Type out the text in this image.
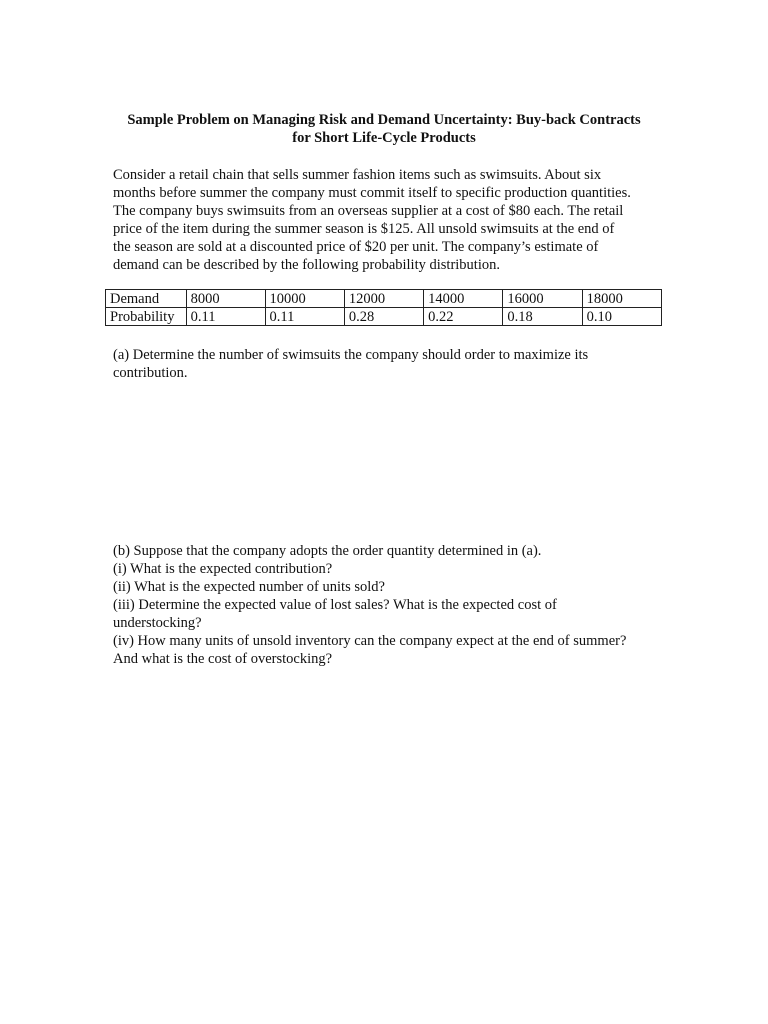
Sample Problem on Managing Risk and Demand Uncertainty: Buy-back Contracts
for Short Life-Cycle Products
Consider a retail chain that sells summer fashion items such as swimsuits. About six
months before summer the company must commit itself to specific production quantities.
The company buys swimsuits from an overseas supplier at a cost of $80 each. The retail
price of the item during the summer season is $125. All unsold swimsuits at the end of
the season are sold at a discounted price of $20 per unit. The company’s estimate of
demand can be described by the following probability distribution.
Demand	8000	10000	12000	14000	16000	18000
Probability	0.11	0.11	0.28	0.22	0.18	0.10
(a) Determine the number of swimsuits the company should order to maximize its
contribution.
(b) Suppose that the company adopts the order quantity determined in (a).
(i) What is the expected contribution?
(ii) What is the expected number of units sold?
(iii) Determine the expected value of lost sales? What is the expected cost of
understocking?
(iv) How many units of unsold inventory can the company expect at the end of summer?
And what is the cost of overstocking?
